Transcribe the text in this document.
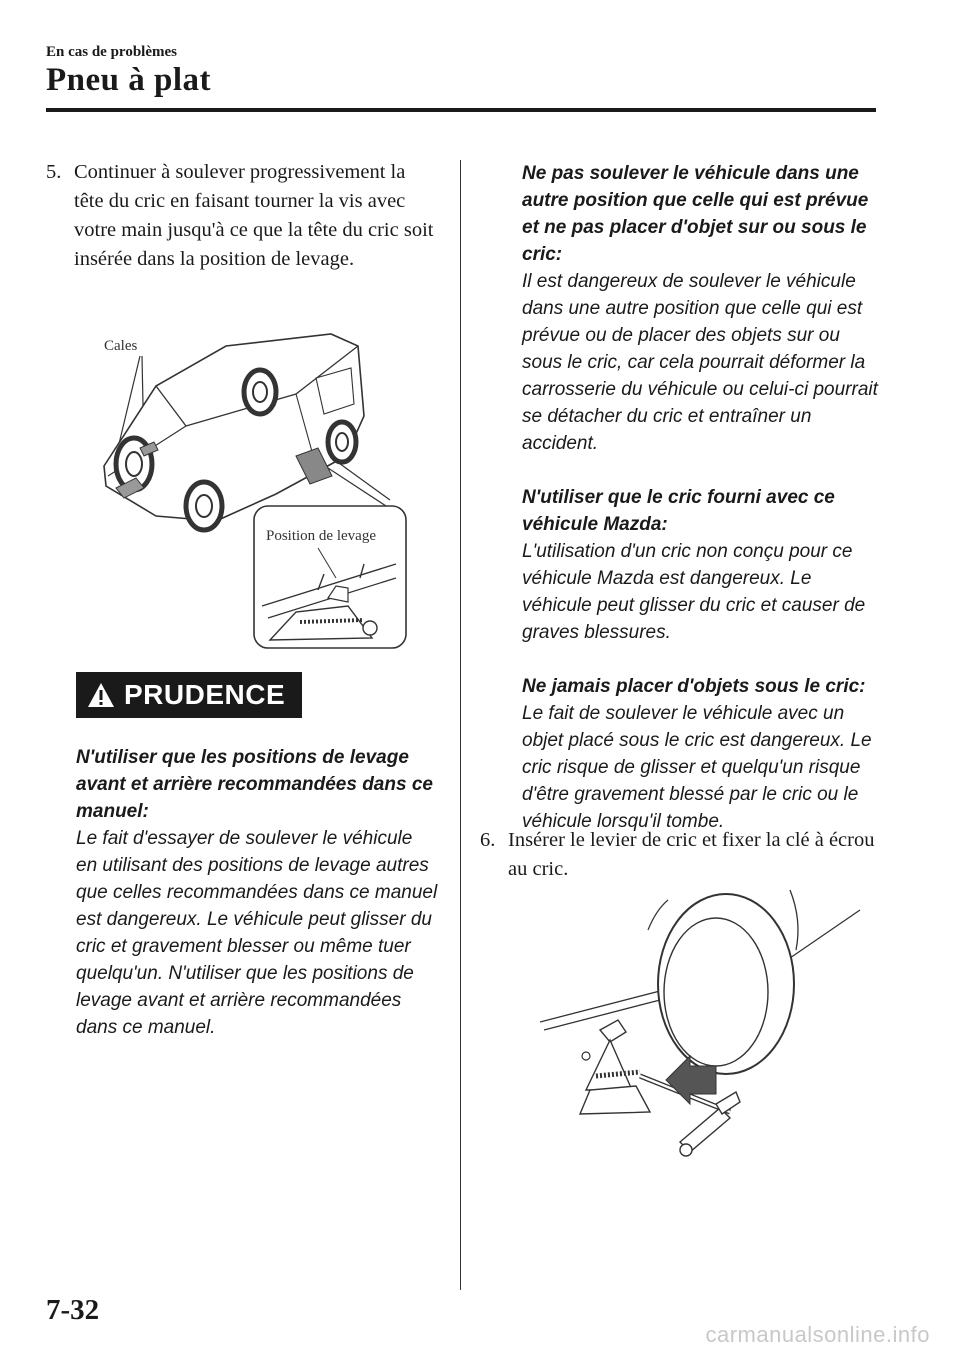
En cas de problèmes
Pneu à plat
5. Continuer à soulever progressivement la tête du cric en faisant tourner la vis avec votre main jusqu'à ce que la tête du cric soit insérée dans la position de levage.
Cales
Position de levage
PRUDENCE

N'utiliser que les positions de levage avant et arrière recommandées dans ce manuel:

Le fait d'essayer de soulever le véhicule en utilisant des positions de levage autres que celles recommandées dans ce manuel est dangereux. Le véhicule peut glisser du cric et gravement blesser ou même tuer quelqu'un. N'utiliser que les positions de levage avant et arrière recommandées dans ce manuel.

Ne pas soulever le véhicule dans une autre position que celle qui est prévue et ne pas placer d'objet sur ou sous le cric:

Il est dangereux de soulever le véhicule dans une autre position que celle qui est prévue ou de placer des objets sur ou sous le cric, car cela pourrait déformer la carrosserie du véhicule ou celui-ci pourrait se détacher du cric et entraîner un accident.

N'utiliser que le cric fourni avec ce véhicule Mazda:

L'utilisation d'un cric non conçu pour ce véhicule Mazda est dangereux. Le véhicule peut glisser du cric et causer de graves blessures.

Ne jamais placer d'objets sous le cric:

Le fait de soulever le véhicule avec un objet placé sous le cric est dangereux. Le cric risque de glisser et quelqu'un risque d'être gravement blessé par le cric ou le véhicule lorsqu'il tombe.

6. Insérer le levier de cric et fixer la clé à écrou au cric.
7-32
carmanualsonline.info
